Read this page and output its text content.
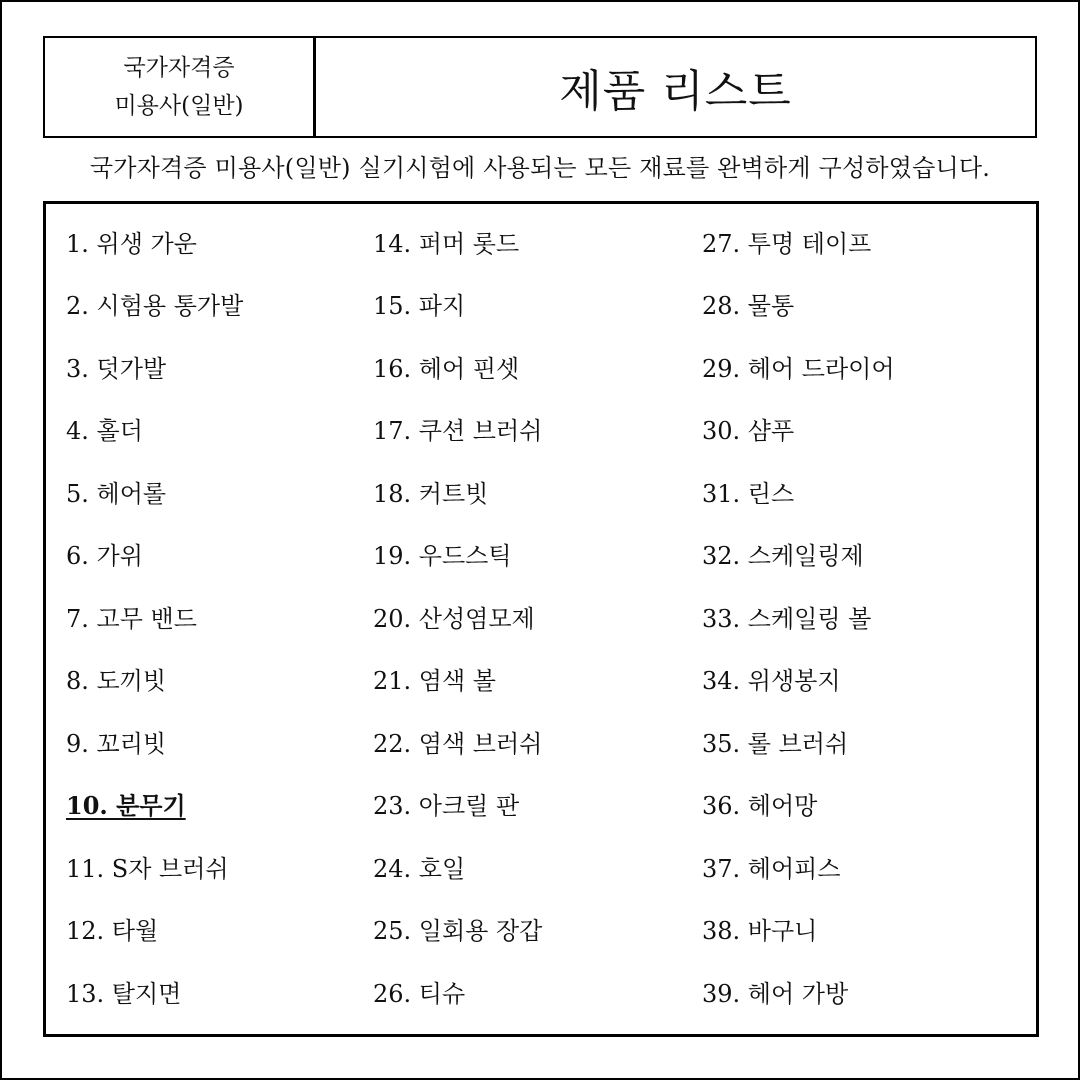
국가자격증
미용사(일반)	제품 리스트
국가자격증 미용사(일반) 실기시험에 사용되는 모든 재료를 완벽하게 구성하였습니다.
1. 위생 가운
2. 시험용 통가발
3. 덧가발
4. 홀더
5. 헤어롤
6. 가위
7. 고무 밴드
8. 도끼빗
9. 꼬리빗
10. 분무기
11. S자 브러쉬
12. 타월
13. 탈지면
14. 퍼머 롯드
15. 파지
16. 헤어 핀셋
17. 쿠션 브러쉬
18. 커트빗
19. 우드스틱
20. 산성염모제
21. 염색 볼
22. 염색 브러쉬
23. 아크릴 판
24. 호일
25. 일회용 장갑
26. 티슈
27. 투명 테이프
28. 물통
29. 헤어 드라이어
30. 샴푸
31. 린스
32. 스케일링제
33. 스케일링 볼
34. 위생봉지
35. 롤 브러쉬
36. 헤어망
37. 헤어피스
38. 바구니
39. 헤어 가방
